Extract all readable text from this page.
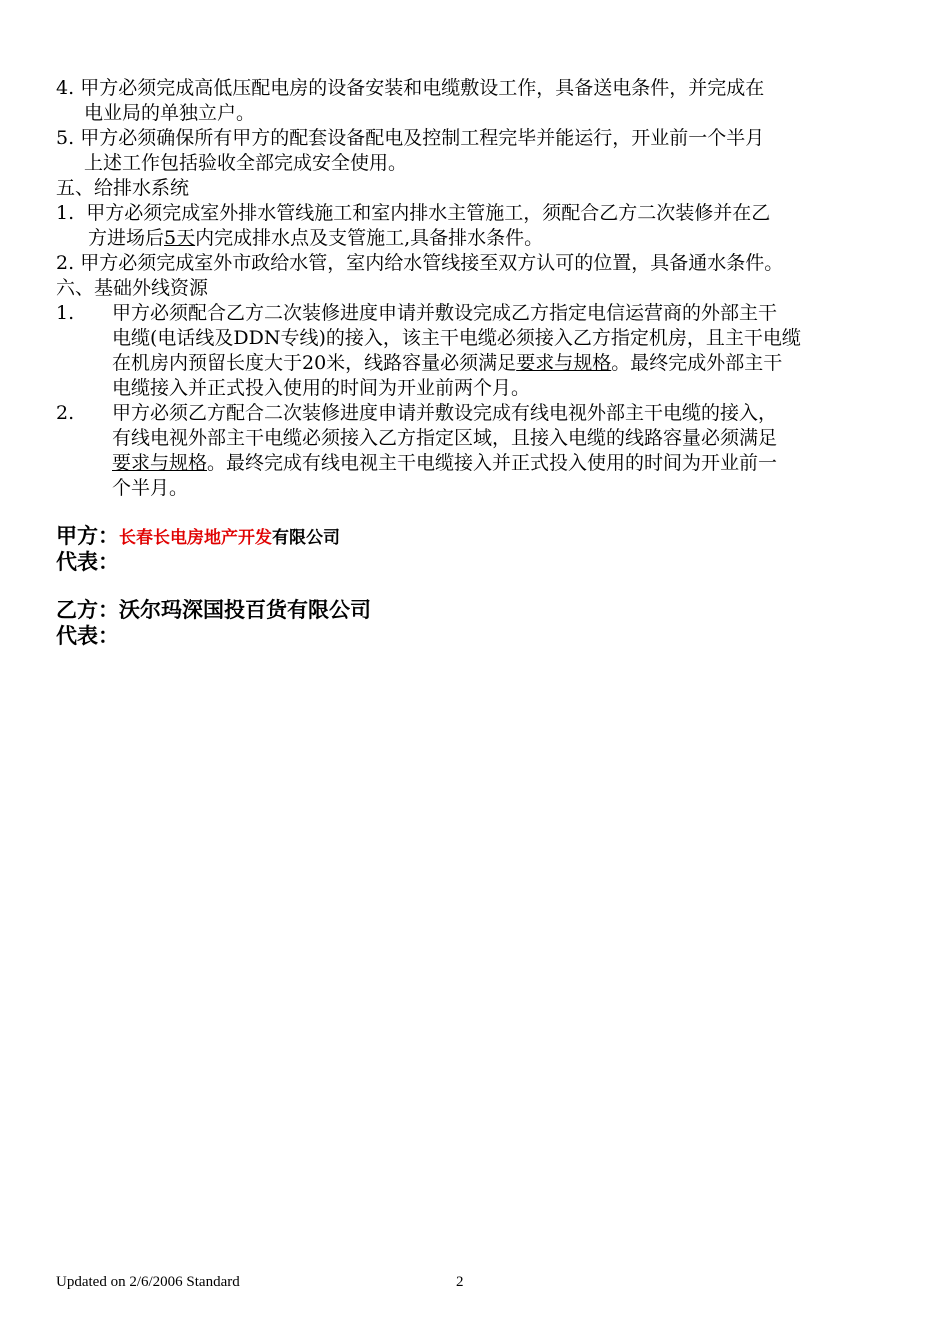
4. 甲方必须完成高低压配电房的设备安装和电缆敷设工作，具备送电条件，并完成在
电业局的单独立户。
5. 甲方必须确保所有甲方的配套设备配电及控制工程完毕并能运行，开业前一个半月
上述工作包括验收全部完成安全使用。
五、给排水系统
1. 甲方必须完成室外排水管线施工和室内排水主管施工，须配合乙方二次装修并在乙
方进场后5天内完成排水点及支管施工,具备排水条件。
2. 甲方必须完成室外市政给水管，室内给水管线接至双方认可的位置，具备通水条件。
六、基础外线资源
1. 甲方必须配合乙方二次装修进度申请并敷设完成乙方指定电信运营商的外部主干
电缆(电话线及DDN专线)的接入，该主干电缆必须接入乙方指定机房，且主干电缆
在机房内预留长度大于20米，线路容量必须满足要求与规格。最终完成外部主干
电缆接入并正式投入使用的时间为开业前两个月。
2. 甲方必须乙方配合二次装修进度申请并敷设完成有线电视外部主干电缆的接入，
有线电视外部主干电缆必须接入乙方指定区域，且接入电缆的线路容量必须满足
要求与规格。最终完成有线电视主干电缆接入并正式投入使用的时间为开业前一
个半月。
甲方：长春长电房地产开发有限公司
代表：
乙方：沃尔玛深国投百货有限公司
代表：
Updated on 2/6/2006 Standard	2
